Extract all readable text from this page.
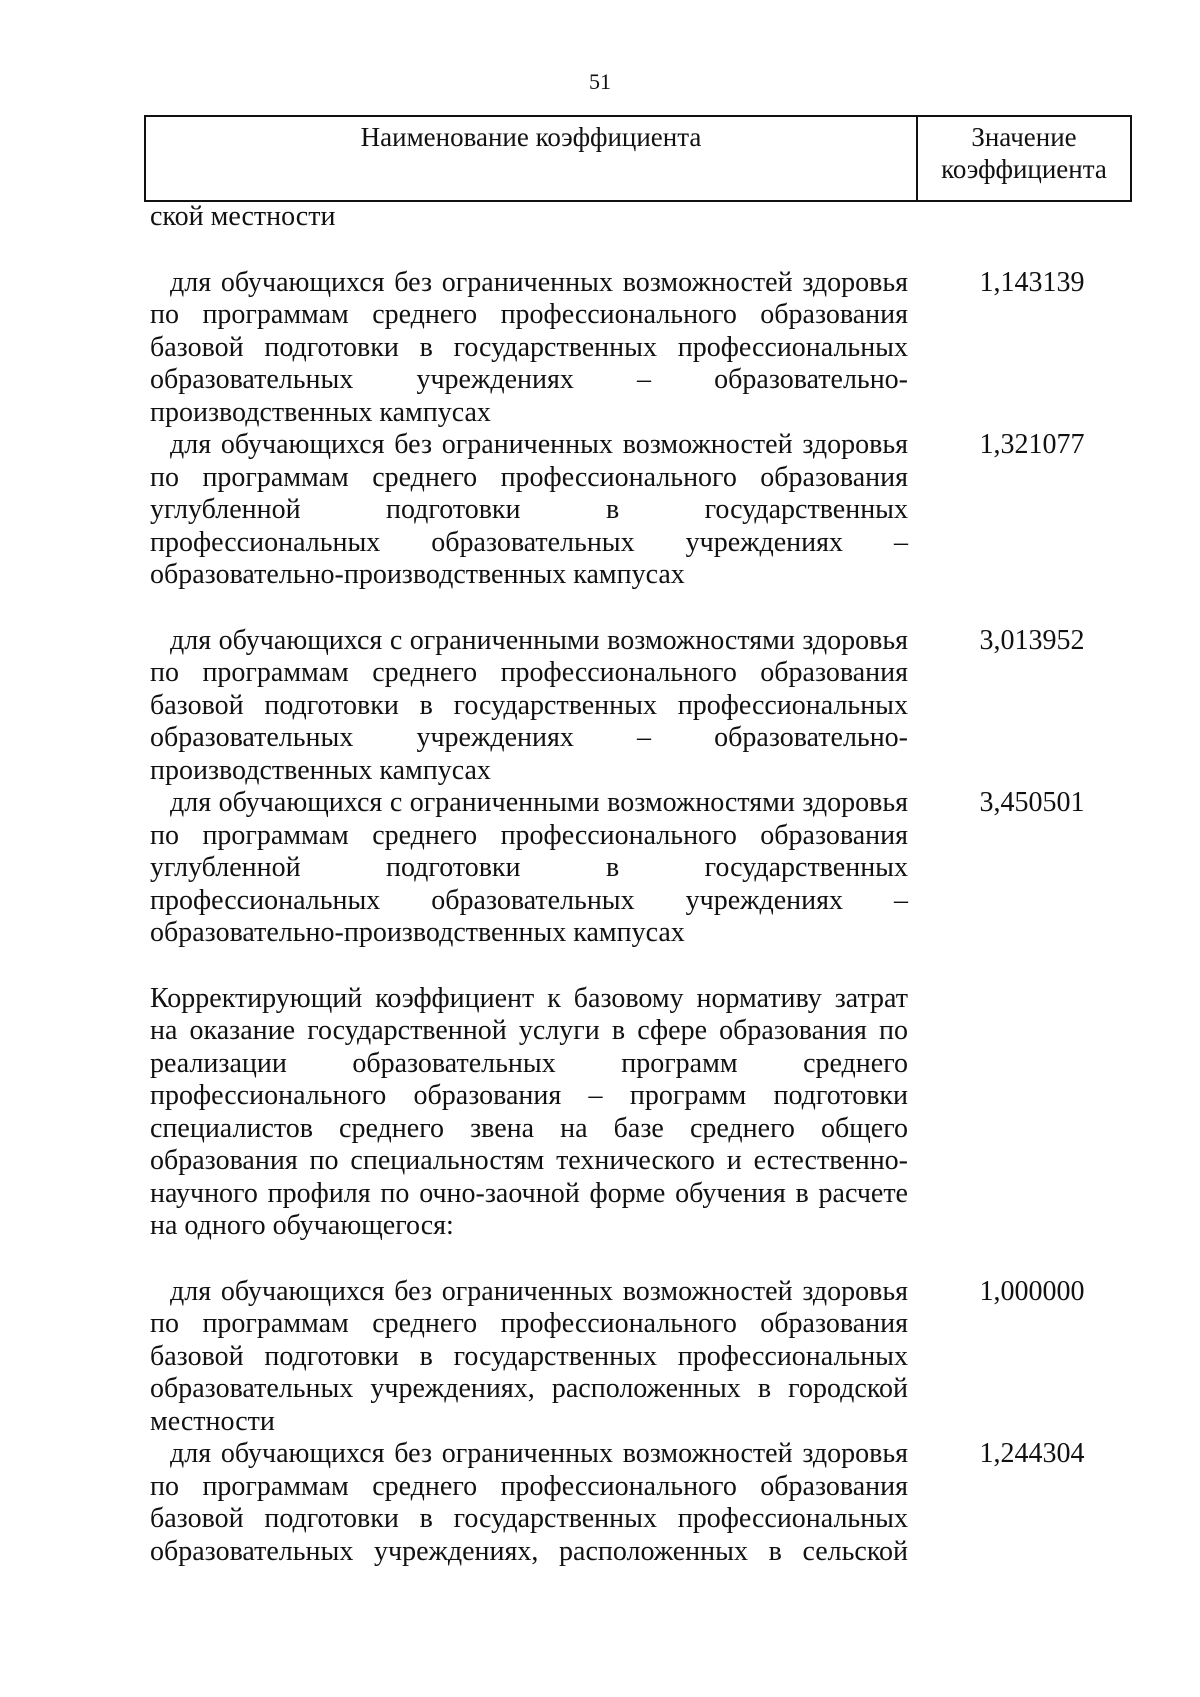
51
Наименование коэффициента	Значение
коэффициента
ской местности
для обучающихся без ограниченных возможностей здоровья по программам среднего профессионального образования базовой подготовки в государственных профессиональных образовательных учреждениях – образовательно-производственных кампусах
1,143139
для обучающихся без ограниченных возможностей здоровья по программам среднего профессионального образования углубленной подготовки в государственных профессиональных образовательных учреждениях – образовательно-производственных кампусах
1,321077
для обучающихся с ограниченными возможностями здоровья по программам среднего профессионального образования базовой подготовки в государственных профессиональных образовательных учреждениях – образовательно-производственных кампусах
3,013952
для обучающихся с ограниченными возможностями здоровья по программам среднего профессионального образования углубленной подготовки в государственных профессиональных образовательных учреждениях – образовательно-производственных кампусах
3,450501
Корректирующий коэффициент к базовому нормативу затрат на оказание государственной услуги в сфере образования по реализации образовательных программ среднего профессионального образования – программ подготовки специалистов среднего звена на базе среднего общего образования по специальностям технического и естественно-научного профиля по очно-заочной форме обучения в расчете на одного обучающегося:
для обучающихся без ограниченных возможностей здоровья по программам среднего профессионального образования базовой подготовки в государственных профессиональных образовательных учреждениях, расположенных в городской местности
1,000000
для обучающихся без ограниченных возможностей здоровья по программам среднего профессионального образования базовой подготовки в государственных профессиональных образовательных учреждениях, расположенных в сельской
1,244304
